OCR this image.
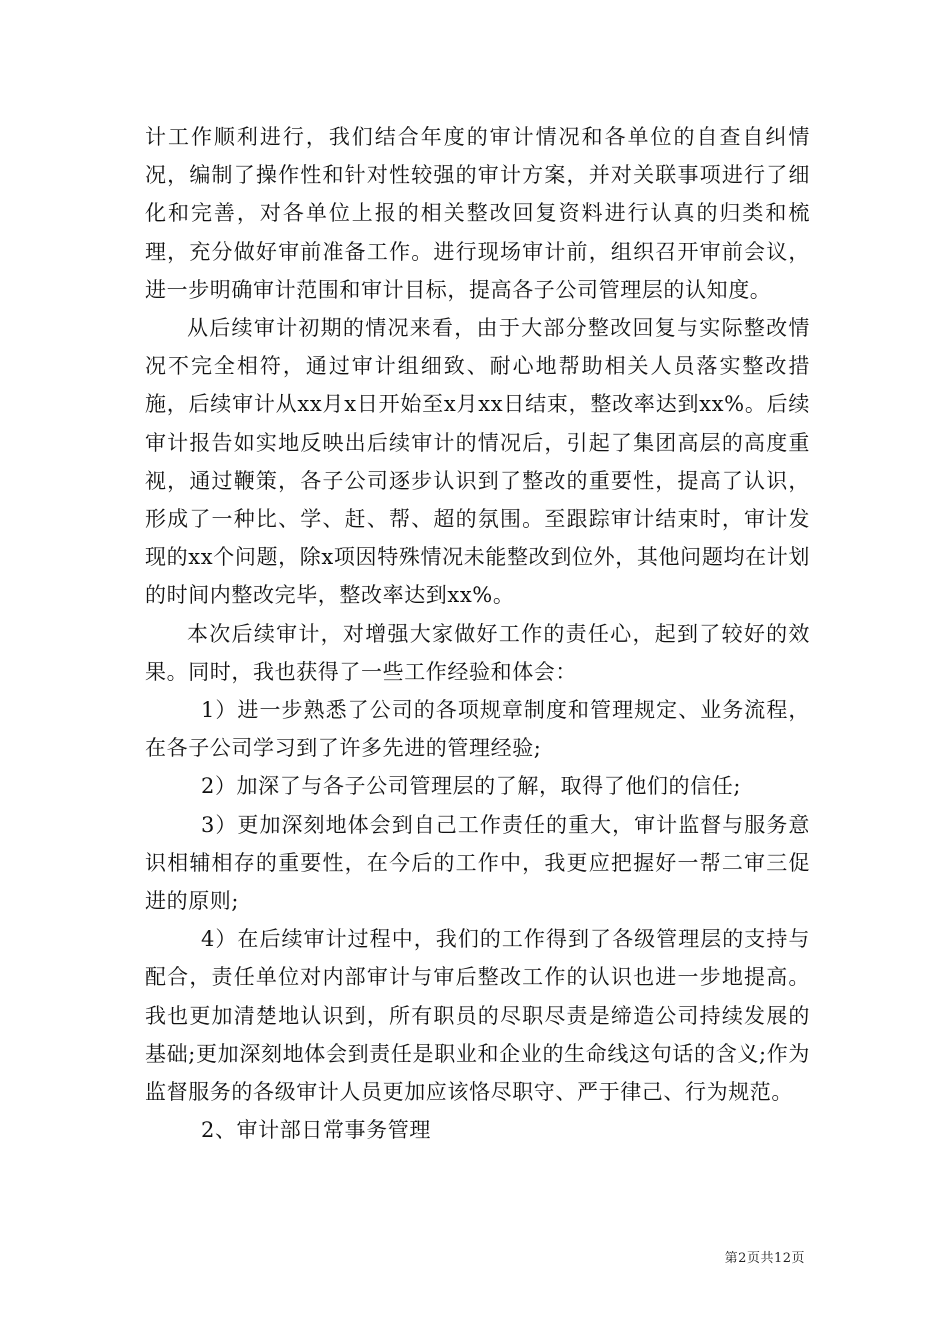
计工作顺利进行，我们结合年度的审计情况和各单位的自查自纠情况，编制了操作性和针对性较强的审计方案，并对关联事项进行了细化和完善，对各单位上报的相关整改回复资料进行认真的归类和梳理，充分做好审前准备工作。进行现场审计前，组织召开审前会议，进一步明确审计范围和审计目标，提高各子公司管理层的认知度。

从后续审计初期的情况来看，由于大部分整改回复与实际整改情况不完全相符，通过审计组细致、耐心地帮助相关人员落实整改措施，后续审计从xx月x日开始至x月xx日结束，整改率达到xx%。后续审计报告如实地反映出后续审计的情况后，引起了集团高层的高度重视，通过鞭策，各子公司逐步认识到了整改的重要性，提高了认识，形成了一种比、学、赶、帮、超的氛围。至跟踪审计结束时，审计发现的xx个问题，除x项因特殊情况未能整改到位外，其他问题均在计划的时间内整改完毕，整改率达到xx%。

本次后续审计，对增强大家做好工作的责任心，起到了较好的效果。同时，我也获得了一些工作经验和体会：

1）进一步熟悉了公司的各项规章制度和管理规定、业务流程，在各子公司学习到了许多先进的管理经验;

2）加深了与各子公司管理层的了解，取得了他们的信任;

3）更加深刻地体会到自己工作责任的重大，审计监督与服务意识相辅相存的重要性，在今后的工作中，我更应把握好一帮二审三促进的原则;

4）在后续审计过程中，我们的工作得到了各级管理层的支持与配合，责任单位对内部审计与审后整改工作的认识也进一步地提高。我也更加清楚地认识到，所有职员的尽职尽责是缔造公司持续发展的基础;更加深刻地体会到责任是职业和企业的生命线这句话的含义;作为监督服务的各级审计人员更加应该恪尽职守、严于律己、行为规范。

2、审计部日常事务管理

第2页共12页
